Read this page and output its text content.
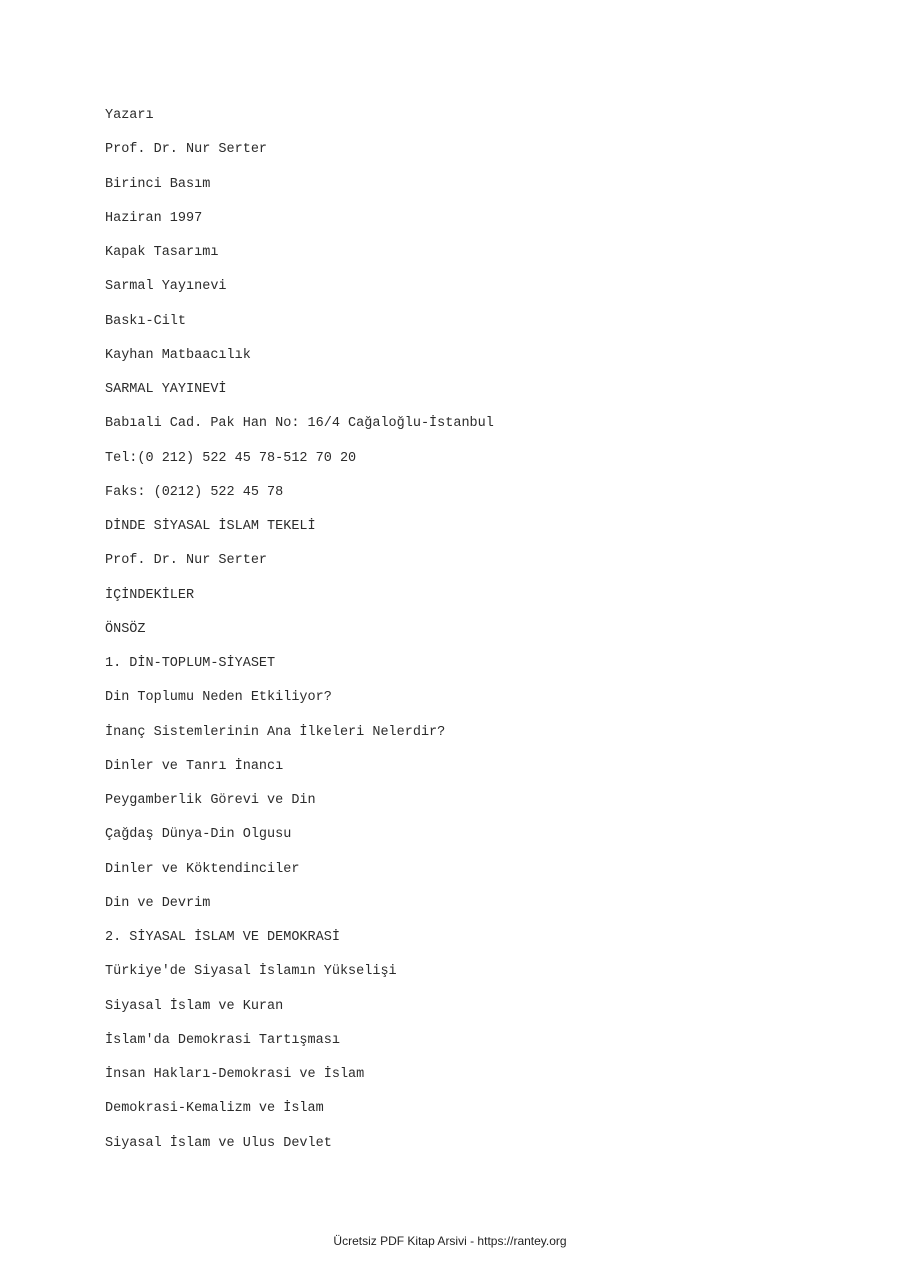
Yazarı
Prof. Dr. Nur Serter
Birinci Basım
Haziran 1997
Kapak Tasarımı
Sarmal Yayınevi
Baskı-Cilt
Kayhan Matbaacılık
SARMAL YAYINEVİ
Babıali Cad. Pak Han No: 16/4 Cağaloğlu-İstanbul
Tel:(0 212) 522 45 78-512 70 20
Faks: (0212) 522 45 78
DİNDE SİYASAL İSLAM TEKELİ
Prof. Dr. Nur Serter
İÇİNDEKİLER
ÖNSÖZ
1. DİN-TOPLUM-SİYASET
Din Toplumu Neden Etkiliyor?
İnanç Sistemlerinin Ana İlkeleri Nelerdir?
Dinler ve Tanrı İnancı
Peygamberlik Görevi ve Din
Çağdaş Dünya-Din Olgusu
Dinler ve Köktendinciler
Din ve Devrim
2. SİYASAL İSLAM VE DEMOKRASİ
Türkiye'de Siyasal İslamın Yükselişi
Siyasal İslam ve Kuran
İslam'da Demokrasi Tartışması
İnsan Hakları-Demokrasi ve İslam
Demokrasi-Kemalizm ve İslam
Siyasal İslam ve Ulus Devlet
Ücretsiz PDF Kitap Arsivi - https://rantey.org
